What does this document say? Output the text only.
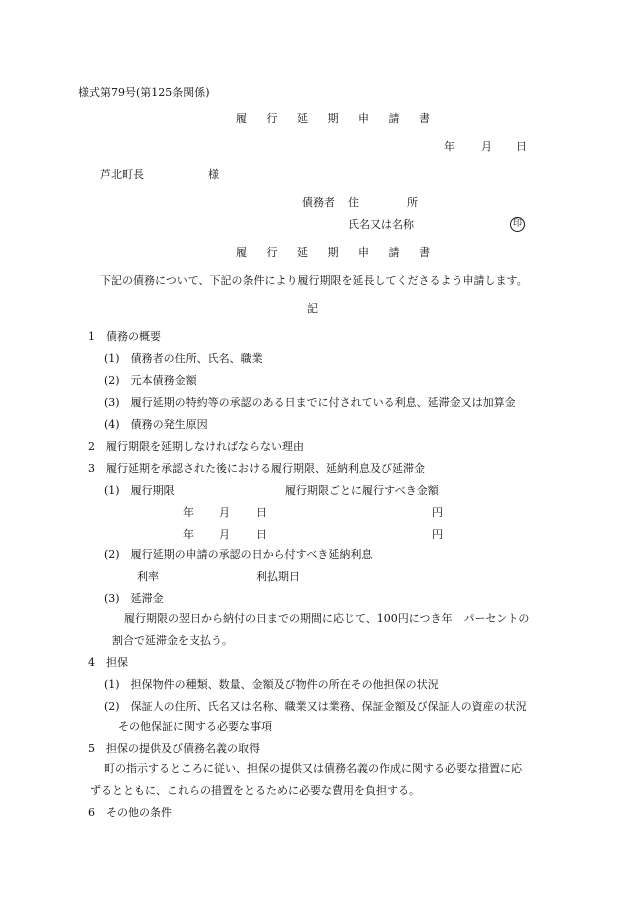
様式第79号(第125条関係)
履 行 延 期 申 請 書
年 月 日
芦北町長	様
債務者 住	所
氏名又は名称	印
履 行 延 期 申 請 書
下記の債務について、下記の条件により履行期限を延長してくださるよう申請します。
記
1　債務の概要
(1)　債務者の住所、氏名、職業
(2)　元本債務金額
(3)　履行延期の特約等の承認のある日までに付されている利息、延滞金又は加算金
(4)　債務の発生原因
2　履行期限を延期しなければならない理由
3　履行延期を承認された後における履行期限、延納利息及び延滞金
(1)　履行期限	履行期限ごとに履行すべき金額
年 月 日	円
年 月 日	円
(2)　履行延期の申請の承認の日から付すべき延納利息
利率	利払期日
(3)　延滞金
履行期限の翌日から納付の日までの期間に応じて、100円につき年　パーセントの
割合で延滞金を支払う。
4　担保
(1)　担保物件の種類、数量、金額及び物件の所在その他担保の状況
(2)　保証人の住所、氏名又は名称、職業又は業務、保証金額及び保証人の資産の状況
その他保証に関する必要な事項
5　担保の提供及び債務名義の取得
町の指示するところに従い、担保の提供又は債務名義の作成に関する必要な措置に応
ずるとともに、これらの措置をとるために必要な費用を負担する。
6　その他の条件
